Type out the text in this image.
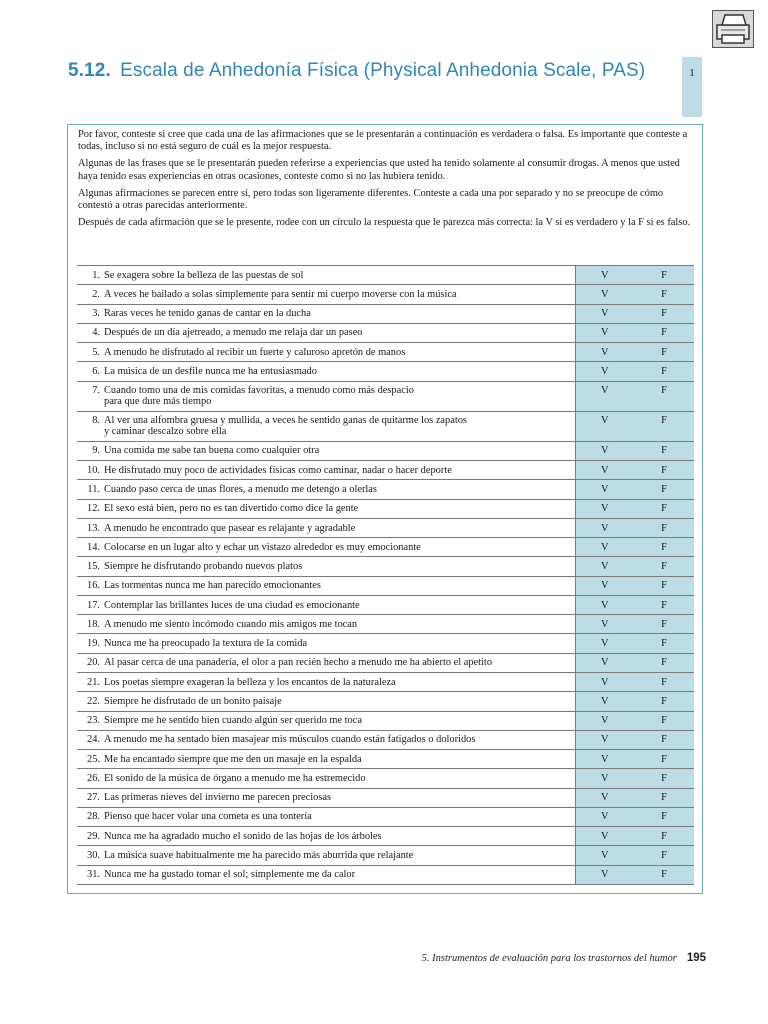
5.12. Escala de Anhedonía Física (Physical Anhedonia Scale, PAS)	1

Por favor, conteste si cree que cada una de las afirmaciones que se le presentarán a continuación es verdadera o falsa. Es importante que conteste a todas, incluso si no está seguro de cuál es la mejor respuesta.

Algunas de las frases que se le presentarán pueden referirse a experiencias que usted ha tenido solamente al consumir drogas. A menos que usted haya tenido esas experiencias en otras ocasiones, conteste como si no las hubiera tenido.

Algunas afirmaciones se parecen entre sí, pero todas son ligeramente diferentes. Conteste a cada una por separado y no se preocupe de cómo contestó a otras parecidas anteriormente.

Después de cada afirmación que se le presente, rodee con un círculo la respuesta que le parezca más correcta: la V si es verdadero y la F si es falso.

1. Se exagera sobre la belleza de las puestas de sol	V	F
2. A veces he bailado a solas simplemente para sentir mi cuerpo moverse con la música	V	F
3. Raras veces he tenido ganas de cantar en la ducha	V	F
4. Después de un día ajetreado, a menudo me relaja dar un paseo	V	F
5. A menudo he disfrutado al recibir un fuerte y caluroso apretón de manos	V	F
6. La música de un desfile nunca me ha entusiasmado	V	F
7. Cuando tomo una de mis comidas favoritas, a menudo como más despacio
para que dure más tiempo	V	F
8. Al ver una alfombra gruesa y mullida, a veces he sentido ganas de quitarme los zapatos
y caminar descalzo sobre ella	V	F
9. Una comida me sabe tan buena como cualquier otra	V	F
10. He disfrutado muy poco de actividades físicas como caminar, nadar o hacer deporte	V	F
11. Cuando paso cerca de unas flores, a menudo me detengo a olerlas	V	F
12. El sexo está bien, pero no es tan divertido como dice la gente	V	F
13. A menudo he encontrado que pasear es relajante y agradable	V	F
14. Colocarse en un lugar alto y echar un vistazo alrededor es muy emocionante	V	F
15. Siempre he disfrutando probando nuevos platos	V	F
16. Las tormentas nunca me han parecido emocionantes	V	F
17. Contemplar las brillantes luces de una ciudad es emocionante	V	F
18. A menudo me siento incómodo cuando mis amigos me tocan	V	F
19. Nunca me ha preocupado la textura de la comida	V	F
20. Al pasar cerca de una panadería, el olor a pan recién hecho a menudo me ha abierto el apetito	V	F
21. Los poetas siempre exageran la belleza y los encantos de la naturaleza	V	F
22. Siempre he disfrutado de un bonito paisaje	V	F
23. Siempre me he sentido bien cuando algún ser querido me toca	V	F
24. A menudo me ha sentado bien masajear mis músculos cuando están fatigados o doloridos	V	F
25. Me ha encantado siempre que me den un masaje en la espalda	V	F
26. El sonido de la música de órgano a menudo me ha estremecido	V	F
27. Las primeras nieves del invierno me parecen preciosas	V	F
28. Pienso que hacer volar una cometa es una tontería	V	F
29. Nunca me ha agradado mucho el sonido de las hojas de los árboles	V	F
30. La música suave habitualmente me ha parecido más aburrida que relajante	V	F
31. Nunca me ha gustado tomar el sol; simplemente me da calor	V	F
5. Instrumentos de evaluación para los trastornos del humor 195
